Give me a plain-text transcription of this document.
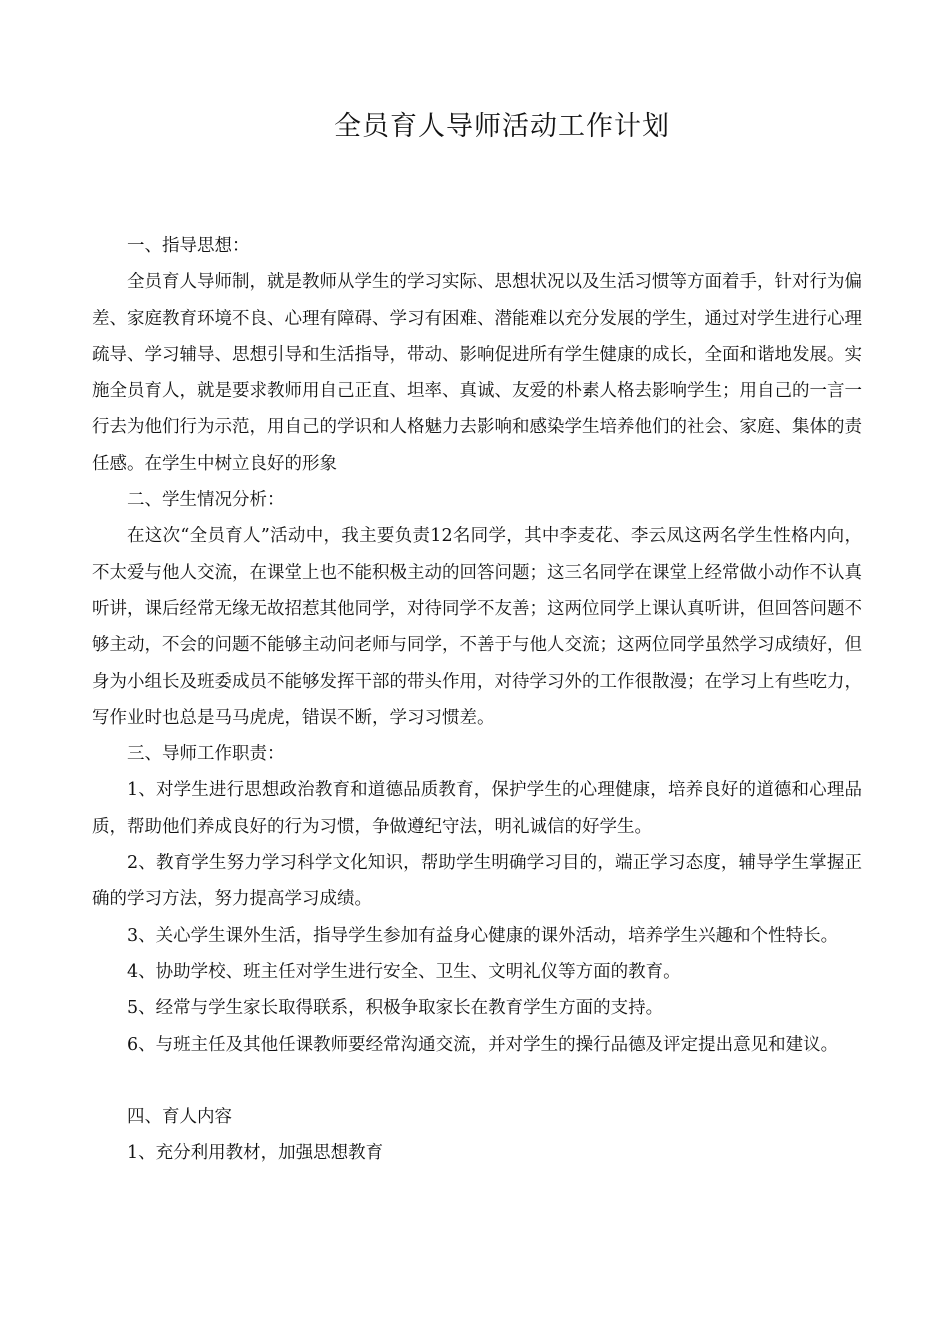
全员育人导师活动工作计划

一、指导思想：

全员育人导师制，就是教师从学生的学习实际、思想状况以及生活习惯等方面着手，针对行为偏差、家庭教育环境不良、心理有障碍、学习有困难、潜能难以充分发展的学生，通过对学生进行心理疏导、学习辅导、思想引导和生活指导，带动、影响促进所有学生健康的成长，全面和谐地发展。实施全员育人，就是要求教师用自己正直、坦率、真诚、友爱的朴素人格去影响学生；用自己的一言一行去为他们行为示范，用自己的学识和人格魅力去影响和感染学生培养他们的社会、家庭、集体的责任感。在学生中树立良好的形象

二、学生情况分析：

在这次“全员育人”活动中，我主要负责12名同学，其中李麦花、李云凤这两名学生性格内向，不太爱与他人交流，在课堂上也不能积极主动的回答问题；这三名同学在课堂上经常做小动作不认真听讲，课后经常无缘无故招惹其他同学，对待同学不友善；这两位同学上课认真听讲，但回答问题不够主动，不会的问题不能够主动问老师与同学，不善于与他人交流；这两位同学虽然学习成绩好，但身为小组长及班委成员不能够发挥干部的带头作用，对待学习外的工作很散漫；在学习上有些吃力，写作业时也总是马马虎虎，错误不断，学习习惯差。

三、导师工作职责：

1、对学生进行思想政治教育和道德品质教育，保护学生的心理健康，培养良好的道德和心理品质，帮助他们养成良好的行为习惯，争做遵纪守法，明礼诚信的好学生。

2、教育学生努力学习科学文化知识，帮助学生明确学习目的，端正学习态度，辅导学生掌握正确的学习方法，努力提高学习成绩。

3、关心学生课外生活，指导学生参加有益身心健康的课外活动，培养学生兴趣和个性特长。

4、协助学校、班主任对学生进行安全、卫生、文明礼仪等方面的教育。

5、经常与学生家长取得联系，积极争取家长在教育学生方面的支持。

6、与班主任及其他任课教师要经常沟通交流，并对学生的操行品德及评定提出意见和建议。

四、育人内容

1、充分利用教材，加强思想教育
